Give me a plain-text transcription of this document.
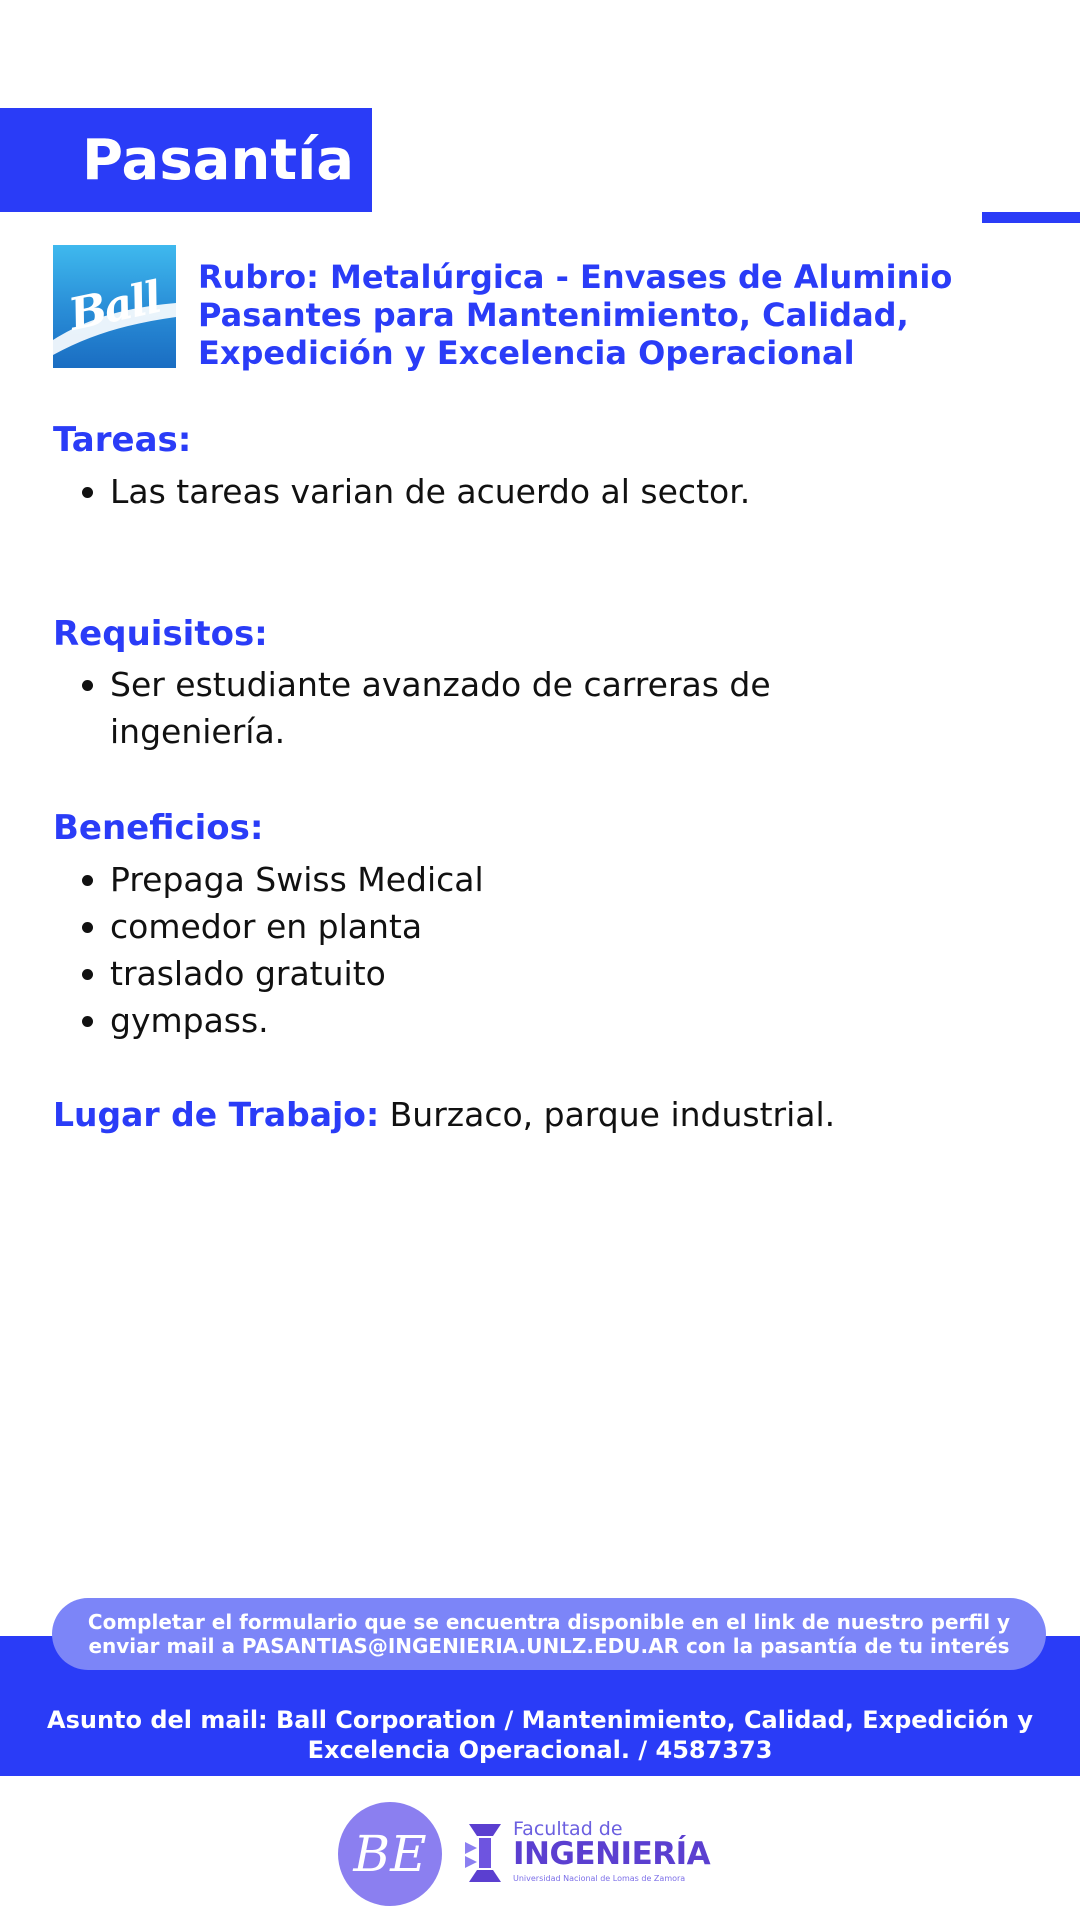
Pasantía
Ball Rubro: Metalúrgica - Envases de Aluminio
Pasantes para Mantenimiento, Calidad,
Expedición y Excelencia Operacional
Tareas:
Las tareas varian de acuerdo al sector.
Requisitos:
Ser estudiante avanzado de carreras de ingeniería.
Beneficios:
Prepaga Swiss Medical
comedor en planta
traslado gratuito
gympass.
Lugar de Trabajo: Burzaco, parque industrial.
Completar el formulario que se encuentra disponible en el link de nuestro perfil y
enviar mail a PASANTIAS@INGENIERIA.UNLZ.EDU.AR con la pasantía de tu interés
Asunto del mail: Ball Corporation / Mantenimiento, Calidad, Expedición y
Excelencia Operacional. / 4587373
BE	Facultad de
INGENIERÍA
Universidad Nacional de Lomas de Zamora
